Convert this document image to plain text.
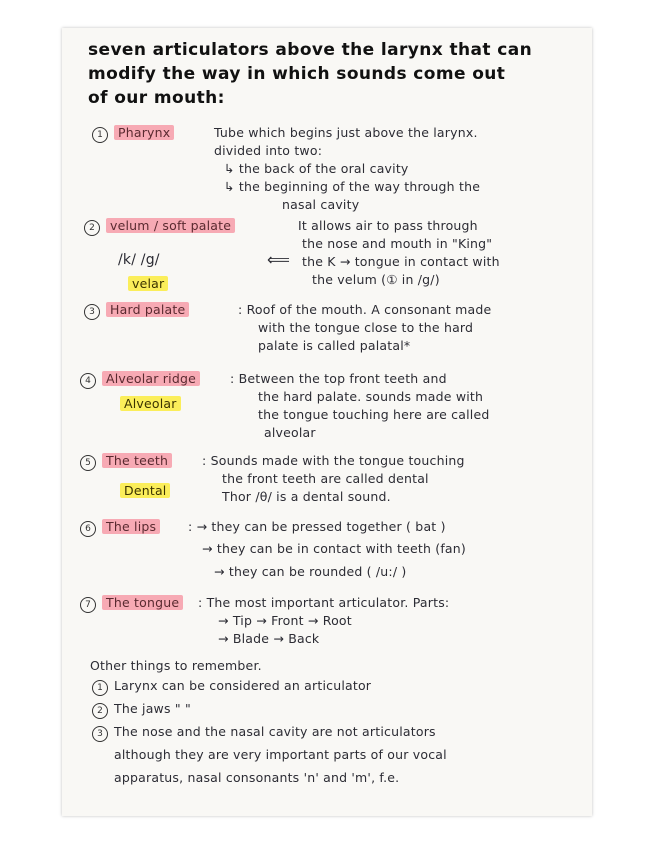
seven articulators above the larynx that can
modify the way in which sounds come out
of our mouth:
1	Pharynx	Tube which begins just above the larynx.
divided into two:
↳ the back of the oral cavity
↳ the beginning of the way through the
nasal cavity
2	velum / soft palate	It allows air to pass through
the nose and mouth in "King"
the K → tongue in contact with
the velum (① in /g/)
/k/ /g/	⟸
velar
3	Hard palate	: Roof of the mouth. A consonant made
with the tongue close to the hard
palate is called palatal*
4	Alveolar ridge	: Between the top front teeth and
the hard palate. sounds made with
the tongue touching here are called
alveolar
Alveolar
5	The teeth	: Sounds made with the tongue touching
the front teeth are called dental
Thor /θ/ is a dental sound.
Dental
6	The lips	: → they can be pressed together ( bat )
→ they can be in contact with teeth (fan)
→ they can be rounded ( /u:/ )
7	The tongue	: The most important articulator. Parts:
→ Tip → Front → Root
→ Blade → Back
Other things to remember.
1 Larynx can be considered an articulator
2 The jaws " "
3 The nose and the nasal cavity are not articulators
although they are very important parts of our vocal
apparatus, nasal consonants 'n' and 'm', f.e.
